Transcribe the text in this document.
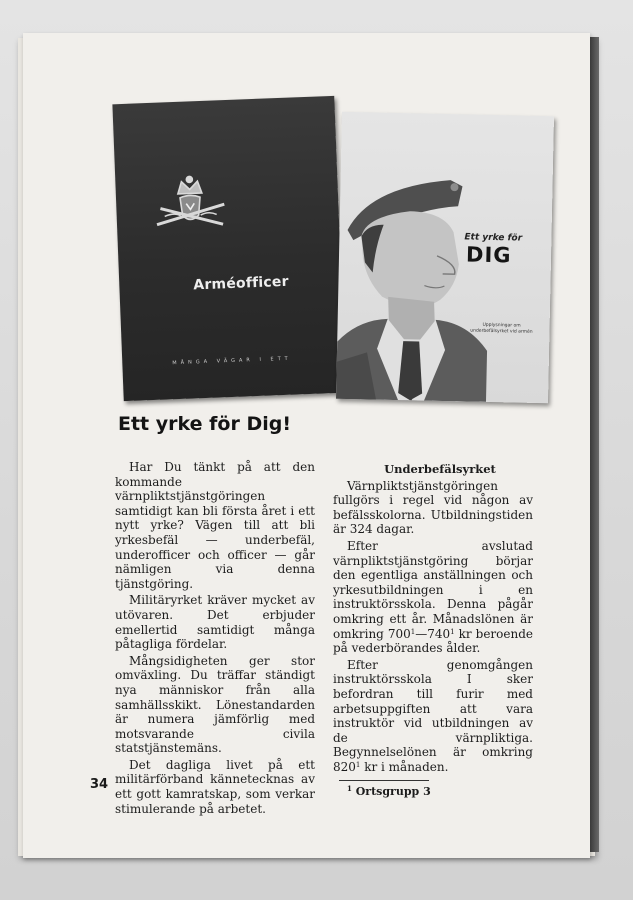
Arméofficer
MÅNGA VÄGAR I ETT
Ett yrke för
DIG
Upplysningar om underbefälsyrket vid armén
Ett yrke för Dig!

Har Du tänkt på att den kommande värnpliktstjänstgöringen samtidigt kan bli första året i ett nytt yrke? Vägen till att bli yrkesbefäl — underbefäl, underofficer och officer — går nämligen via denna tjänstgöring.

Militäryrket kräver mycket av utövaren. Det erbjuder emellertid samtidigt många påtagliga fördelar.

Mångsidigheten ger stor omväxling. Du träffar ständigt nya människor från alla samhällsskikt. Lönestandarden är numera jämförlig med motsvarande civila statstjänstemäns.

Det dagliga livet på ett militärförband kännetecknas av ett gott kamratskap, som verkar stimulerande på arbetet.

Underbefälsyrket

Värnpliktstjänstgöringen fullgörs i regel vid någon av befälsskolorna. Utbildningstiden är 324 dagar.

Efter avslutad värnpliktstjänstgöring börjar den egentliga anställningen och yrkesutbildningen i en instruktörsskola. Denna pågår omkring ett år. Månadslönen är omkring $700^1—740^1$ kr beroende på vederbörandes ålder.

Efter genomgången instruktörsskola I sker befordran till furir med arbetsuppgiften att vara instruktör vid utbildningen av de värnpliktiga. Begynnelselönen är omkring $820^1$ kr i månaden.

$^1$ Ortsgrupp 3

34
